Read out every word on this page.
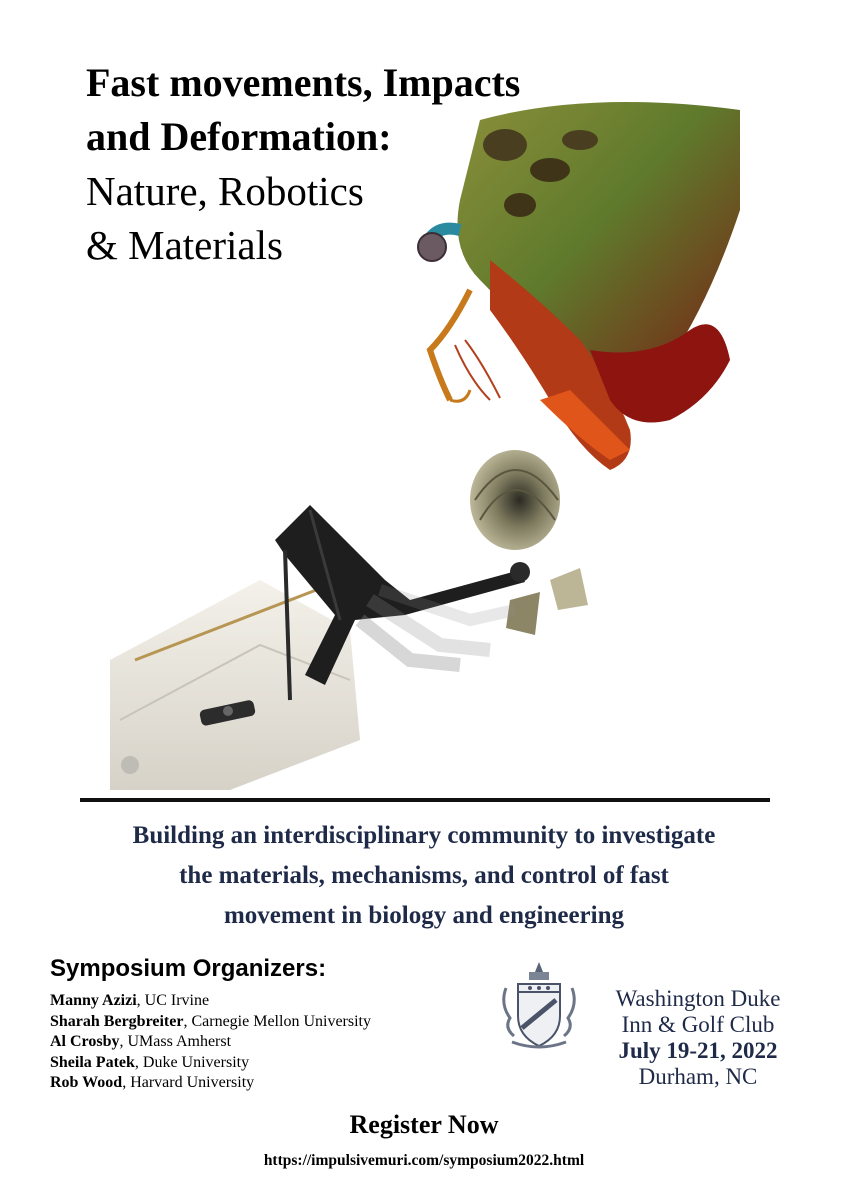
Fast movements, Impacts
and Deformation:
Nature, Robotics
& Materials
Building an interdisciplinary community to investigate
the materials, mechanisms, and control of fast
movement in biology and engineering
Symposium Organizers:
Manny Azizi, UC Irvine
Sharah Bergbreiter, Carnegie Mellon University
Al Crosby, UMass Amherst
Sheila Patek, Duke University
Rob Wood, Harvard University
Washington Duke
Inn & Golf Club
July 19-21, 2022
Durham, NC
Register Now
https://impulsivemuri.com/symposium2022.html
